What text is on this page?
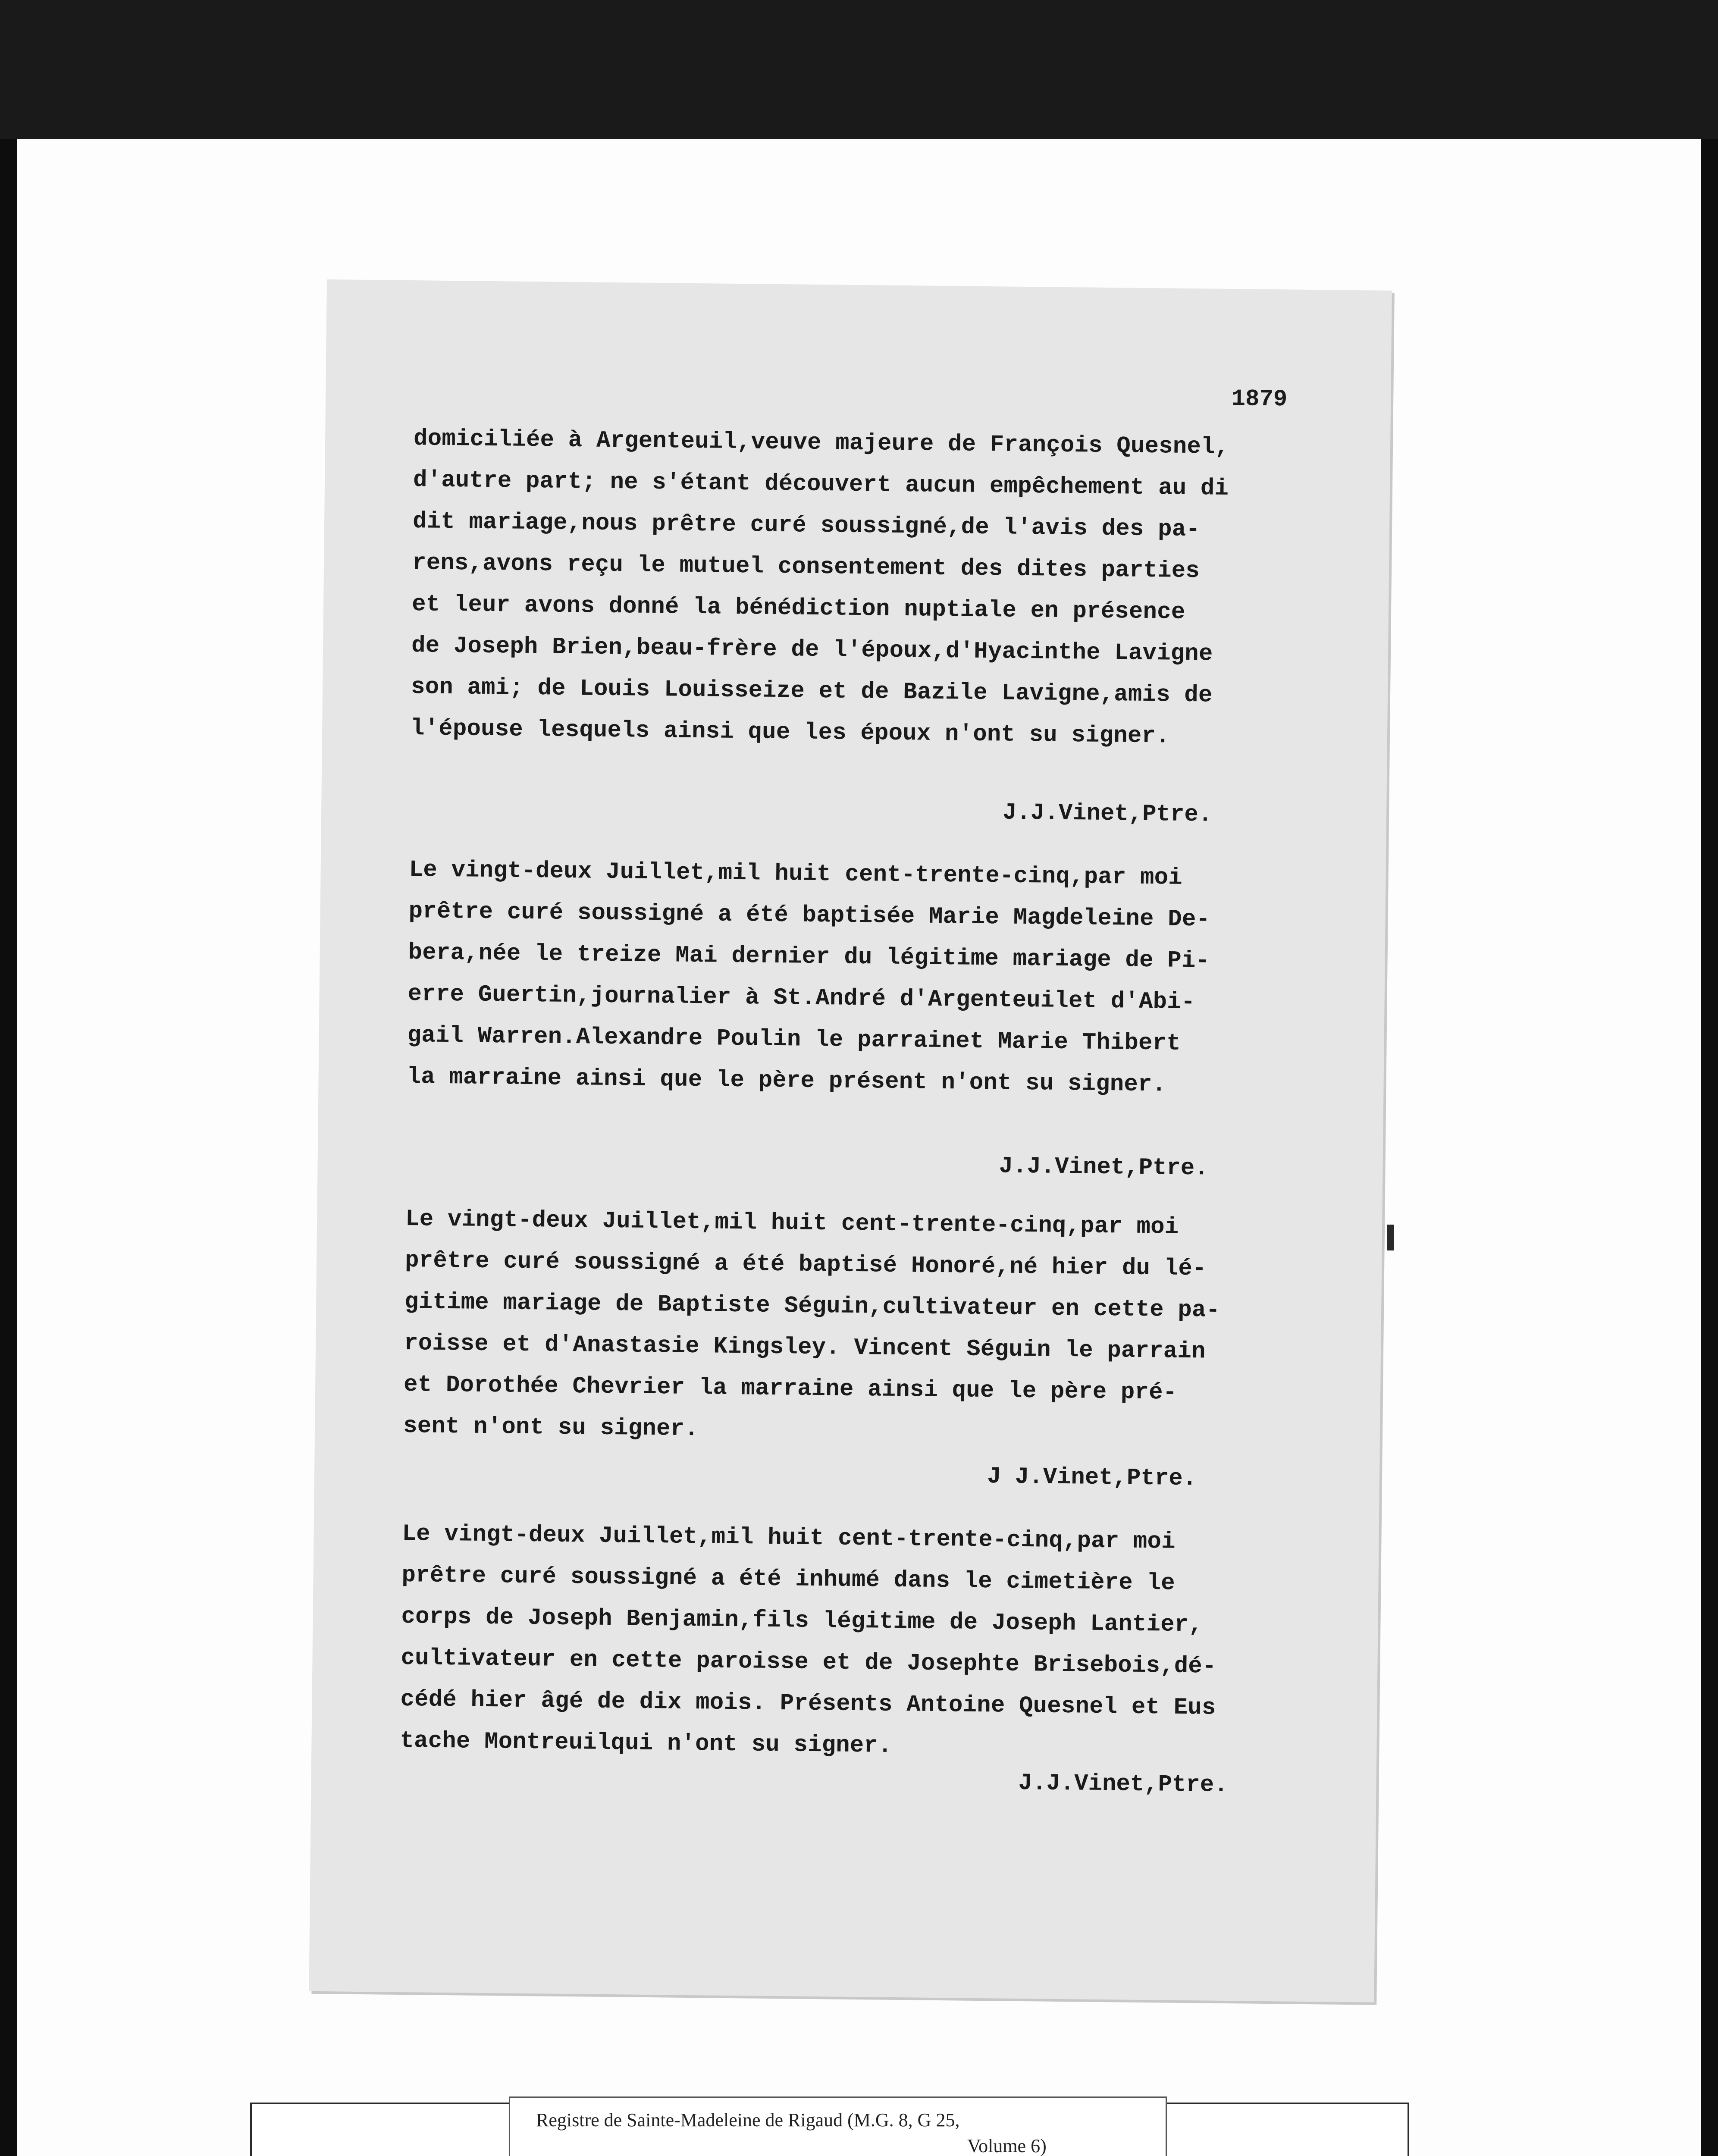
1879
domiciliée à Argenteuil,veuve majeure de François Quesnel,
d'autre part; ne s'étant découvert aucun empêchement au di
dit mariage,nous prêtre curé soussigné,de l'avis des pa-
rens,avons reçu le mutuel consentement des dites parties
et leur avons donné la bénédiction nuptiale en présence
de Joseph Brien,beau-frère de l'époux,d'Hyacinthe Lavigne
son ami; de Louis Louisseize et de Bazile Lavigne,amis de
l'épouse lesquels ainsi que les époux n'ont su signer.
J.J.Vinet,Ptre.
Le vingt-deux Juillet,mil huit cent-trente-cinq,par moi
prêtre curé soussigné a été baptisée Marie Magdeleine De-
bera,née le treize Mai dernier du légitime mariage de Pi-
erre Guertin,journalier à St.André d'Argenteuilet d'Abi-
gail Warren.Alexandre Poulin le parrainet Marie Thibert
la marraine ainsi que le père présent n'ont su signer.
J.J.Vinet,Ptre.
Le vingt-deux Juillet,mil huit cent-trente-cinq,par moi
prêtre curé soussigné a été baptisé Honoré,né hier du lé-
gitime mariage de Baptiste Séguin,cultivateur en cette pa-
roisse et d'Anastasie Kingsley. Vincent Séguin le parrain
et Dorothée Chevrier la marraine ainsi que le père pré-
sent n'ont su signer.
J J.Vinet,Ptre.
Le vingt-deux Juillet,mil huit cent-trente-cinq,par moi
prêtre curé soussigné a été inhumé dans le cimetière le
corps de Joseph Benjamin,fils légitime de Joseph Lantier,
cultivateur en cette paroisse et de Josephte Brisebois,dé-
cédé hier âgé de dix mois. Présents Antoine Quesnel et Eus
tache Montreuilqui n'ont su signer.
J.J.Vinet,Ptre.
Registre de Sainte-Madeleine de Rigaud (M.G. 8, G 25,
Volume 6)
